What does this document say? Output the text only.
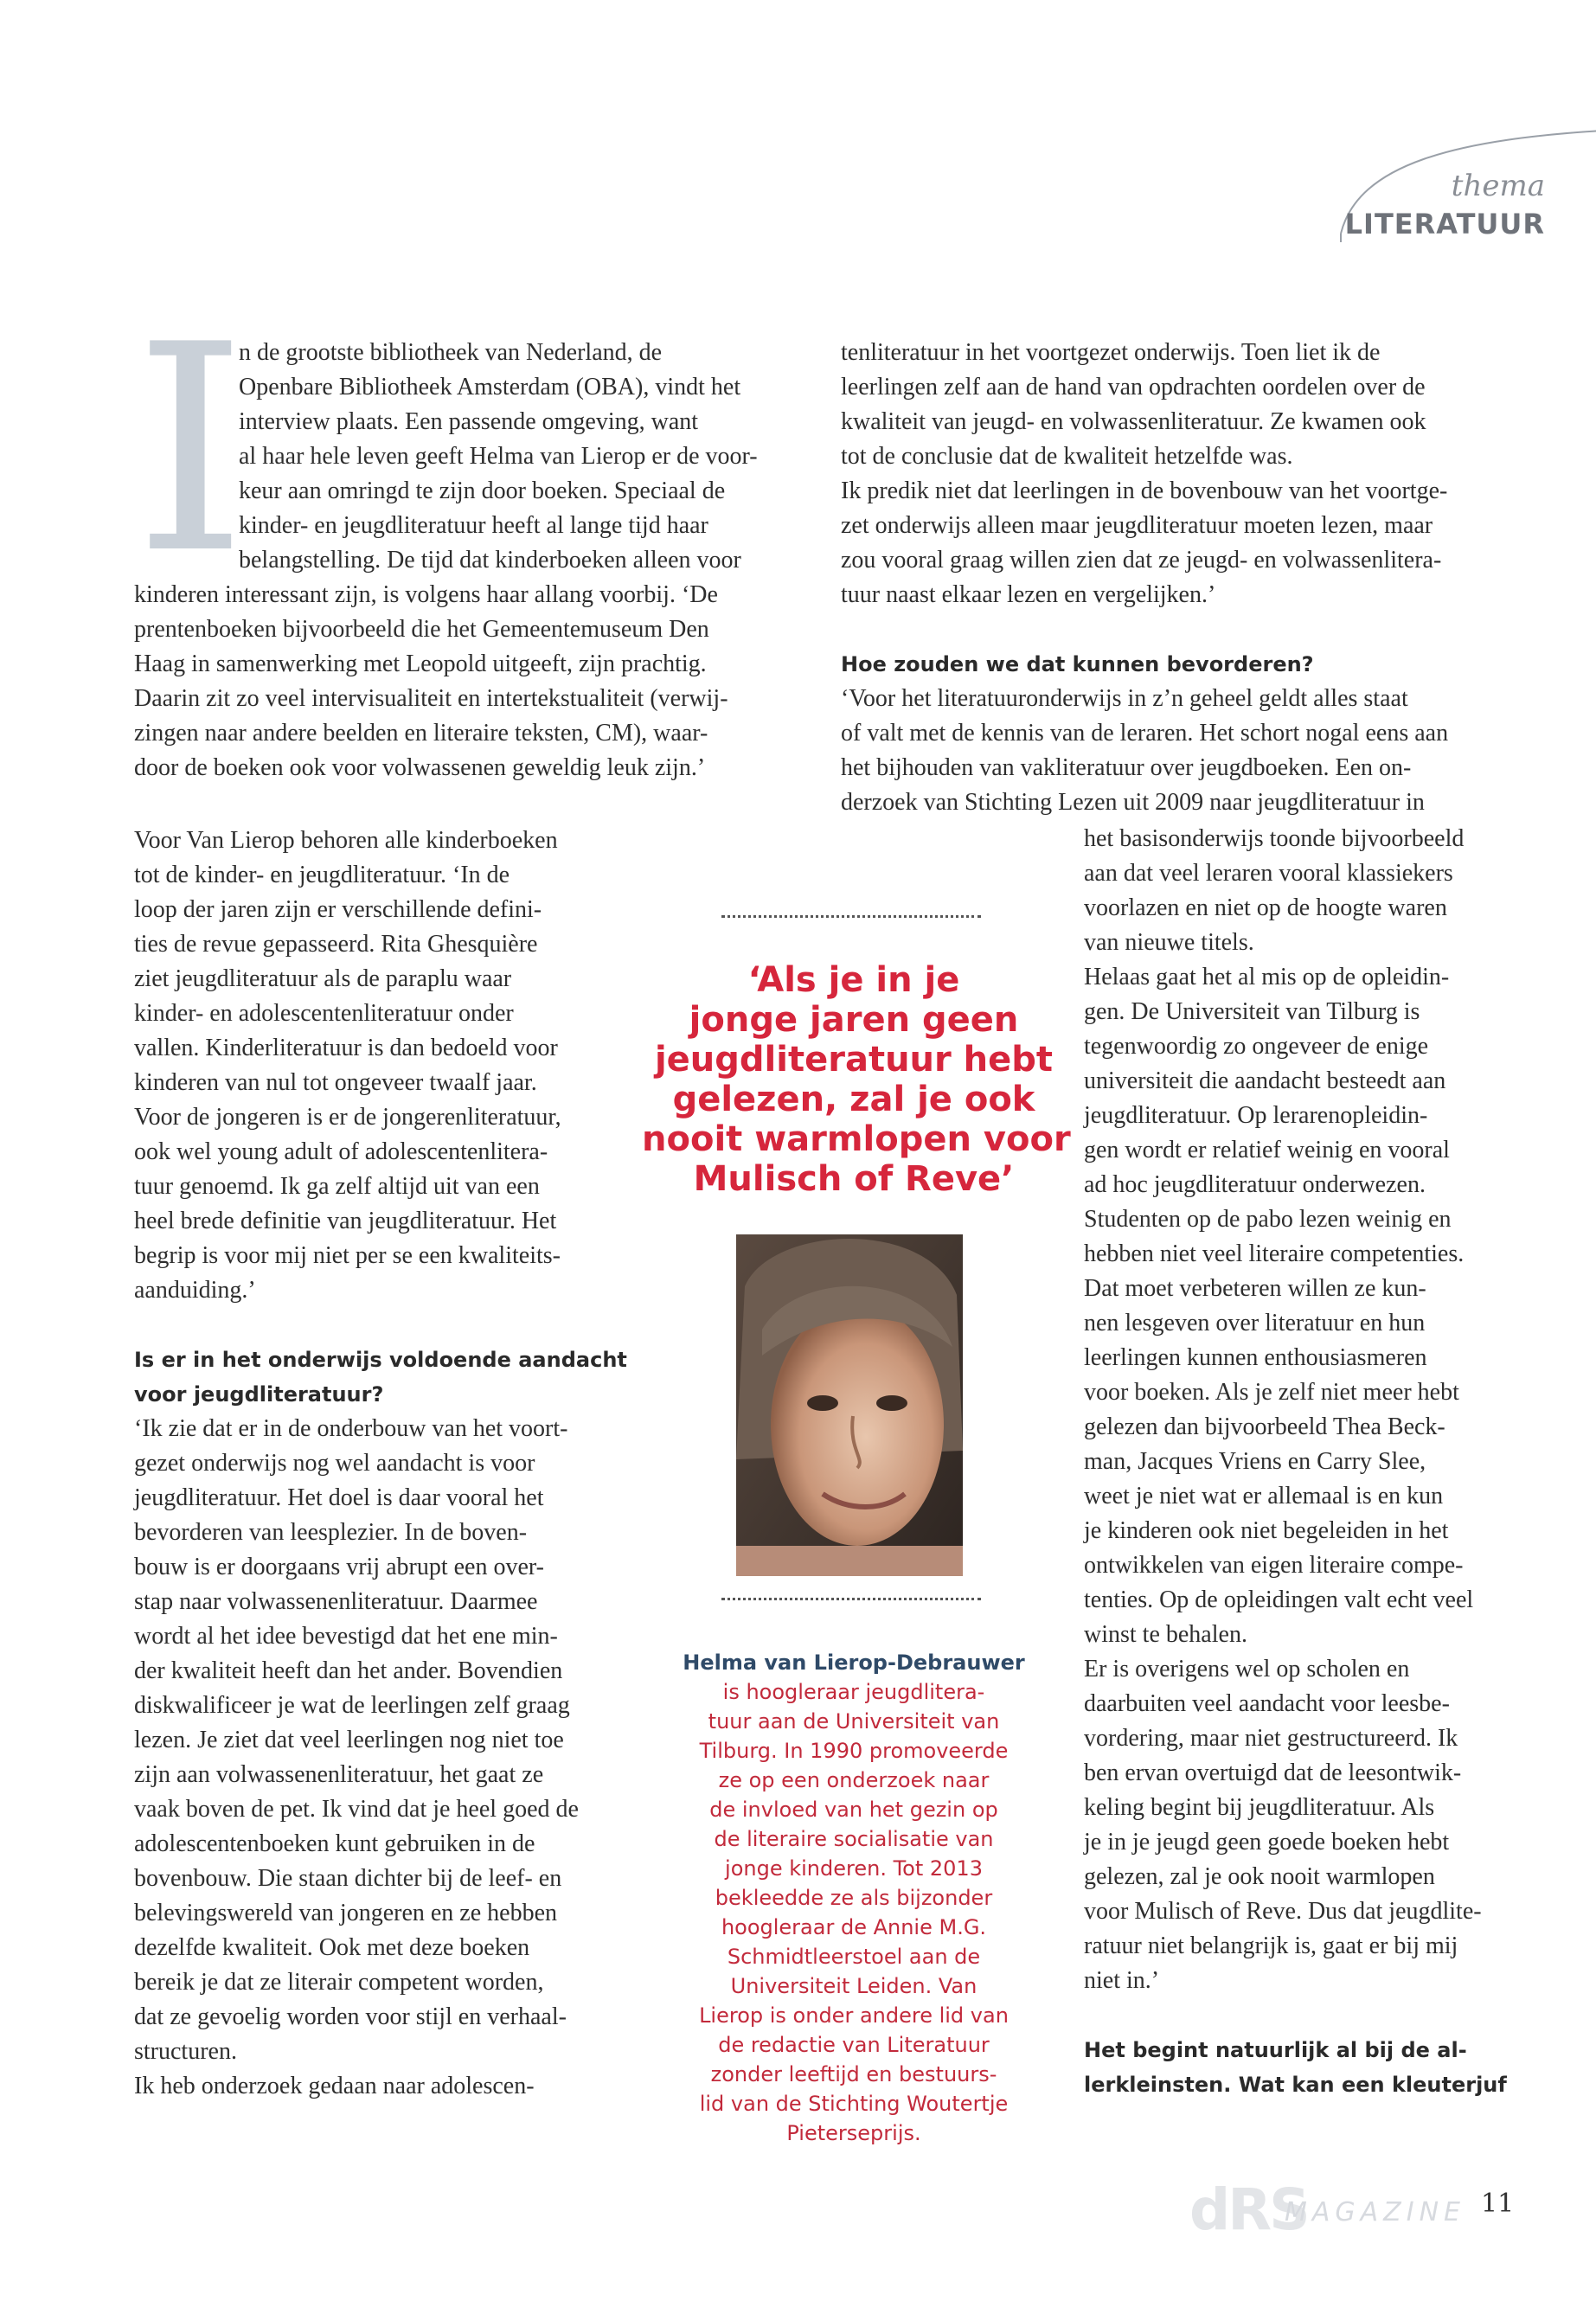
thema
LITERATUUR
I

n de grootste bibliotheek van Nederland, de

Openbare Bibliotheek Amsterdam (OBA), vindt het

interview plaats. Een passende omgeving, want

al haar hele leven geeft Helma van Lierop er de voor-

keur aan omringd te zijn door boeken. Speciaal de

kinder- en jeugdliteratuur heeft al lange tijd haar

belangstelling. De tijd dat kinderboeken alleen voor

kinderen interessant zijn, is volgens haar allang voorbij. ‘De

prentenboeken bijvoorbeeld die het Gemeentemuseum Den

Haag in samenwerking met Leopold uitgeeft, zijn prachtig.

Daarin zit zo veel intervisualiteit en intertekstualiteit (verwij-

zingen naar andere beelden en literaire teksten, CM), waar-

door de boeken ook voor volwassenen geweldig leuk zijn.’

Voor Van Lierop behoren alle kinderboeken

tot de kinder- en jeugdliteratuur. ‘In de

loop der jaren zijn er verschillende defini-

ties de revue gepasseerd. Rita Ghesquière

ziet jeugdliteratuur als de paraplu waar

kinder- en adolescentenliteratuur onder

vallen. Kinderliteratuur is dan bedoeld voor

kinderen van nul tot ongeveer twaalf jaar.

Voor de jongeren is er de jongerenliteratuur,

ook wel young adult of adolescentenlitera-

tuur genoemd. Ik ga zelf altijd uit van een

heel brede definitie van jeugdliteratuur. Het

begrip is voor mij niet per se een kwaliteits-

aanduiding.’

Is er in het onderwijs voldoende aandacht

voor jeugdliteratuur?

‘Ik zie dat er in de onderbouw van het voort-

gezet onderwijs nog wel aandacht is voor

jeugdliteratuur. Het doel is daar vooral het

bevorderen van leesplezier. In de boven-

bouw is er doorgaans vrij abrupt een over-

stap naar volwassenenliteratuur. Daarmee

wordt al het idee bevestigd dat het ene min-

der kwaliteit heeft dan het ander. Bovendien

diskwalificeer je wat de leerlingen zelf graag

lezen. Je ziet dat veel leerlingen nog niet toe

zijn aan volwassenenliteratuur, het gaat ze

vaak boven de pet. Ik vind dat je heel goed de

adolescentenboeken kunt gebruiken in de

bovenbouw. Die staan dichter bij de leef- en

belevingswereld van jongeren en ze hebben

dezelfde kwaliteit. Ook met deze boeken

bereik je dat ze literair competent worden,

dat ze gevoelig worden voor stijl en verhaal-

structuren.

Ik heb onderzoek gedaan naar adolescen-

tenliteratuur in het voortgezet onderwijs. Toen liet ik de

leerlingen zelf aan de hand van opdrachten oordelen over de

kwaliteit van jeugd- en volwassenliteratuur. Ze kwamen ook

tot de conclusie dat de kwaliteit hetzelfde was.

Ik predik niet dat leerlingen in de bovenbouw van het voortge-

zet onderwijs alleen maar jeugdliteratuur moeten lezen, maar

zou vooral graag willen zien dat ze jeugd- en volwassenlitera-

tuur naast elkaar lezen en vergelijken.’

Hoe zouden we dat kunnen bevorderen?

‘Voor het literatuuronderwijs in z’n geheel geldt alles staat

of valt met de kennis van de leraren. Het schort nogal eens aan

het bijhouden van vakliteratuur over jeugdboeken. Een on-

derzoek van Stichting Lezen uit 2009 naar jeugdliteratuur in

het basisonderwijs toonde bijvoorbeeld

aan dat veel leraren vooral klassiekers

voorlazen en niet op de hoogte waren

van nieuwe titels.

Helaas gaat het al mis op de opleidin-

gen. De Universiteit van Tilburg is

tegenwoordig zo ongeveer de enige

universiteit die aandacht besteedt aan

jeugdliteratuur. Op lerarenopleidin-

gen wordt er relatief weinig en vooral

ad hoc jeugdliteratuur onderwezen.

Studenten op de pabo lezen weinig en

hebben niet veel literaire competenties.

Dat moet verbeteren willen ze kun-

nen lesgeven over literatuur en hun

leerlingen kunnen enthousiasmeren

voor boeken. Als je zelf niet meer hebt

gelezen dan bijvoorbeeld Thea Beck-

man, Jacques Vriens en Carry Slee,

weet je niet wat er allemaal is en kun

je kinderen ook niet begeleiden in het

ontwikkelen van eigen literaire compe-

tenties. Op de opleidingen valt echt veel

winst te behalen.

Er is overigens wel op scholen en

daarbuiten veel aandacht voor leesbe-

vordering, maar niet gestructureerd. Ik

ben ervan overtuigd dat de leesontwik-

keling begint bij jeugdliteratuur. Als

je in je jeugd geen goede boeken hebt

gelezen, zal je ook nooit warmlopen

voor Mulisch of Reve. Dus dat jeugdlite-

ratuur niet belangrijk is, gaat er bij mij

niet in.’

Het begint natuurlijk al bij de al-

lerkleinsten. Wat kan een kleuterjuf

‘Als je in je
jonge jaren geen
jeugdliteratuur hebt
gelezen, zal je ook
nooit warmlopen voor
Mulisch of Reve’
Helma van Lierop-Debrauwer
is hoogleraar jeugdlitera-
tuur aan de Universiteit van
Tilburg. In 1990 promoveerde
ze op een onderzoek naar
de invloed van het gezin op
de literaire socialisatie van
jonge kinderen. Tot 2013
bekleedde ze als bijzonder
hoogleraar de Annie M.G.
Schmidtleerstoel aan de
Universiteit Leiden. Van
Lierop is onder andere lid van
de redactie van Literatuur
zonder leeftijd en bestuurs-
lid van de Stichting Woutertje
Pieterseprijs.
dRS
MAGAZINE 11
